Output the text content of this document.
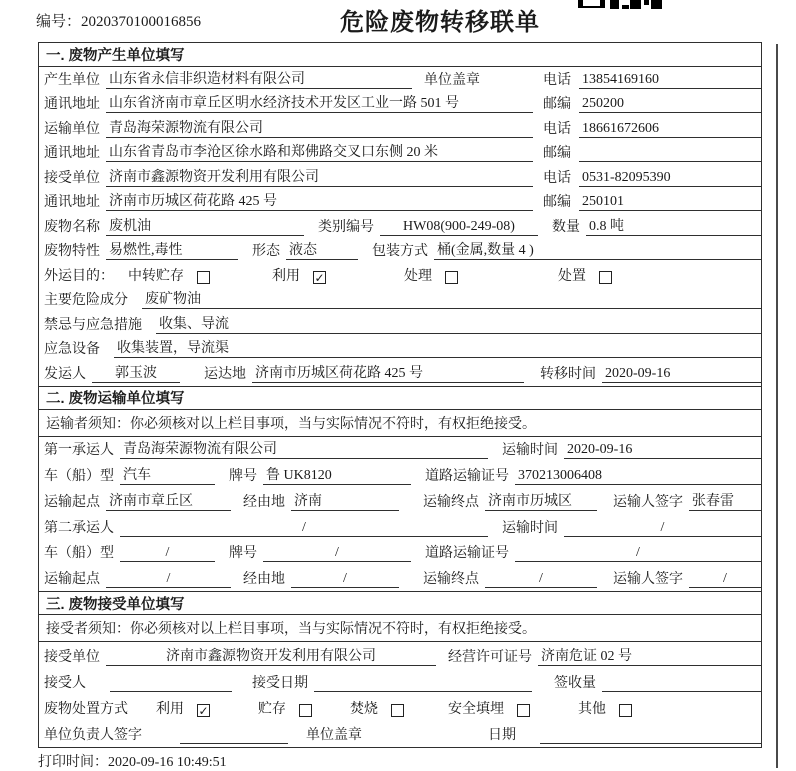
编号：2020370100016856	危险废物转移联单
一. 废物产生单位填写
产生单位 山东省永信非织造材料有限公司	单位盖章	电话 13854169160
通讯地址 山东省济南市章丘区明水经济技术开发区工业一路 501 号	邮编 250200
运输单位 青岛海荣源物流有限公司	电话 18661672606
通讯地址 山东省青岛市李沧区徐水路和郑佛路交叉口东侧 20 米	邮编
接受单位 济南市鑫源物资开发利用有限公司	电话 0531-82095390
通讯地址 济南市历城区荷花路 425 号	邮编 250101
废物名称 废机油	类别编号	HW08(900-249-08)	数量 0.8 吨
废物特性 易燃性,毒性	形态 液态	包装方式 桶(金属,数量 4 )
外运目的： 中转贮存	利用 ✓	处理	处置
主要危险成分 废矿物油
禁忌与应急措施 收集、导流
应急设备 收集装置，导流渠
发运人	郭玉波	运达地 济南市历城区荷花路 425 号	转移时间 2020-09-16
二. 废物运输单位填写
运输者须知：你必须核对以上栏目事项，当与实际情况不符时，有权拒绝接受。
第一承运人 青岛海荣源物流有限公司	运输时间 2020-09-16
车（船）型 汽车	牌号 鲁 UK8120	道路运输证号 370213006408
运输起点 济南市章丘区	经由地 济南	运输终点 济南市历城区	运输人签字 张春雷
第二承运人	/	运输时间	/
车（船）型	/	牌号	/	道路运输证号	/
运输起点	/	经由地	/	运输终点	/	运输人签字	/
三. 废物接受单位填写
接受者须知：你必须核对以上栏目事项，当与实际情况不符时，有权拒绝接受。
接受单位	济南市鑫源物资开发利用有限公司	经营许可证号 济南危证 02 号
接受人	接受日期	签收量
废物处置方式 利用 ✓	贮存	焚烧	安全填埋	其他
单位负责人签字	单位盖章	日期
打印时间：2020-09-16 10:49:51
